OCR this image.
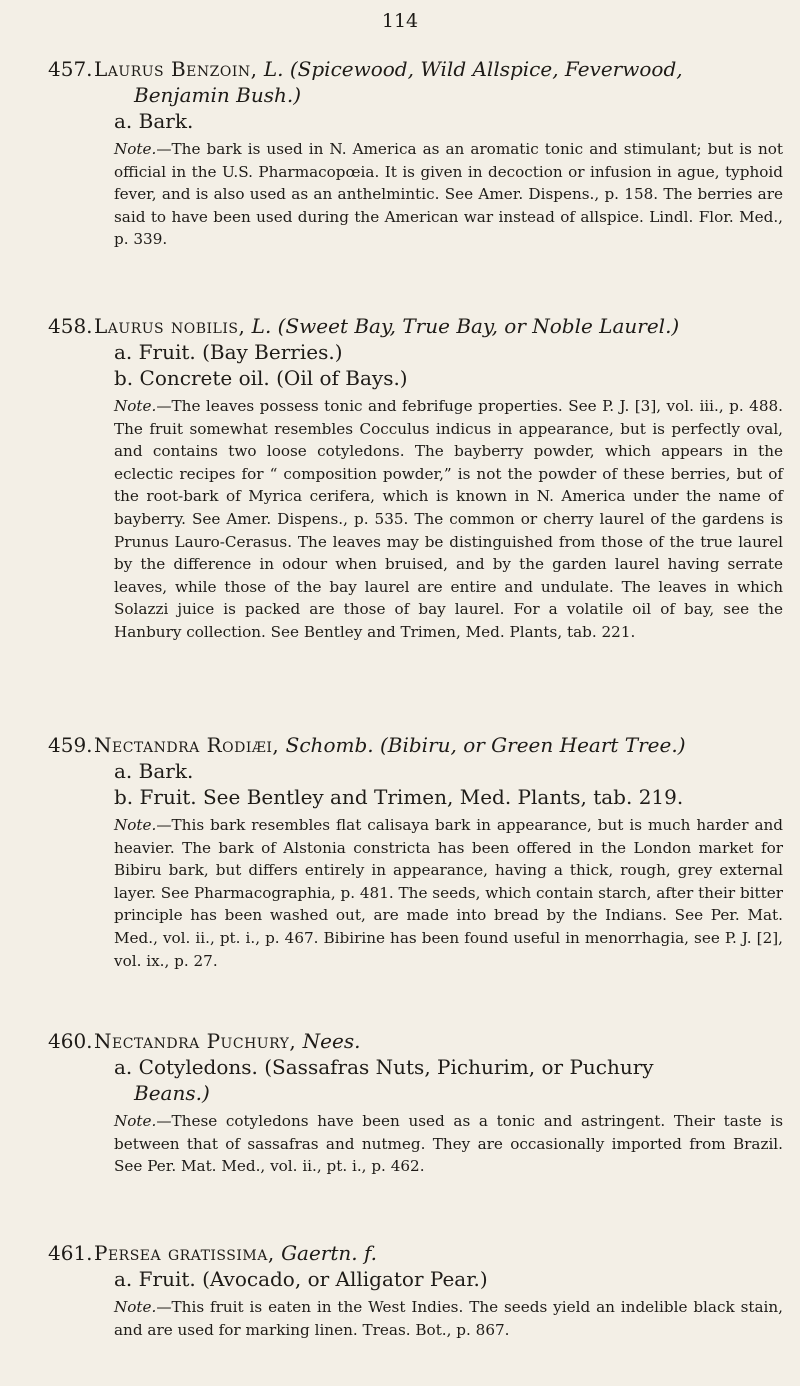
114
457.Laurus Benzoin, L. (Spicewood, Wild Allspice, Feverwood,
Benjamin Bush.)
a. Bark.
Note.—The bark is used in N. America as an aromatic tonic and stimulant; but is not official in the U.S. Pharmacopœia. It is given in decoction or infusion in ague, typhoid fever, and is also used as an anthelmintic. See Amer. Dispens., p. 158. The berries are said to have been used during the American war instead of allspice. Lindl. Flor. Med., p. 339.
458.Laurus nobilis, L. (Sweet Bay, True Bay, or Noble Laurel.)
a. Fruit. (Bay Berries.)
b. Concrete oil. (Oil of Bays.)
Note.—The leaves possess tonic and febrifuge properties. See P. J. [3], vol. iii., p. 488. The fruit somewhat resembles Cocculus indicus in appearance, but is perfectly oval, and contains two loose cotyledons. The bayberry powder, which appears in the eclectic recipes for “ composition powder,” is not the powder of these berries, but of the root-bark of Myrica cerifera, which is known in N. America under the name of bayberry. See Amer. Dispens., p. 535. The common or cherry laurel of the gardens is Prunus Lauro-Cerasus. The leaves may be distinguished from those of the true laurel by the difference in odour when bruised, and by the garden laurel having serrate leaves, while those of the bay laurel are entire and undulate. The leaves in which Solazzi juice is packed are those of bay laurel. For a volatile oil of bay, see the Hanbury collection. See Bentley and Trimen, Med. Plants, tab. 221.
459.Nectandra Rodiæi, Schomb. (Bibiru, or Green Heart Tree.)
a. Bark.
b. Fruit. See Bentley and Trimen, Med. Plants, tab. 219.
Note.—This bark resembles flat calisaya bark in appearance, but is much harder and heavier. The bark of Alstonia constricta has been offered in the London market for Bibiru bark, but differs entirely in appearance, having a thick, rough, grey external layer. See Pharmacographia, p. 481. The seeds, which contain starch, after their bitter principle has been washed out, are made into bread by the Indians. See Per. Mat. Med., vol. ii., pt. i., p. 467. Bibirine has been found useful in menorrhagia, see P. J. [2], vol. ix., p. 27.
460.Nectandra Puchury, Nees.
a. Cotyledons. (Sassafras Nuts, Pichurim, or Puchury
Beans.)
Note.—These cotyledons have been used as a tonic and astringent. Their taste is between that of sassafras and nutmeg. They are occasionally imported from Brazil. See Per. Mat. Med., vol. ii., pt. i., p. 462.
461.Persea gratissima, Gaertn. f.
a. Fruit. (Avocado, or Alligator Pear.)
Note.—This fruit is eaten in the West Indies. The seeds yield an indelible black stain, and are used for marking linen. Treas. Bot., p. 867.
